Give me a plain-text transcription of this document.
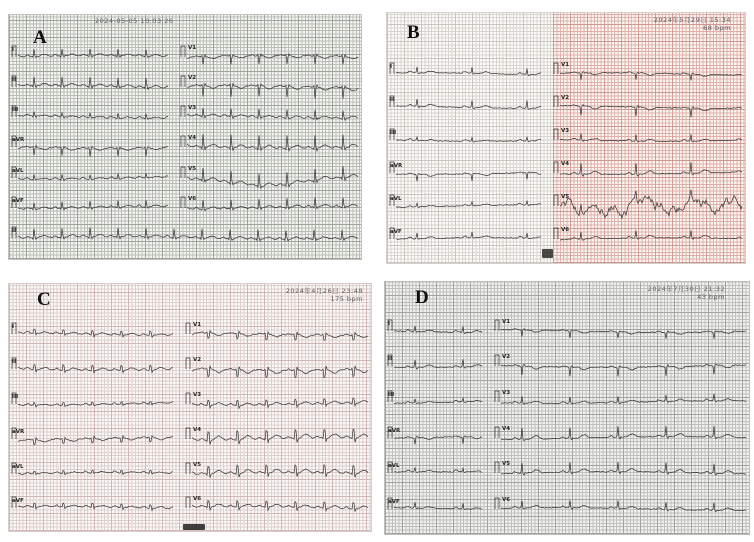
2024-05-05 10:03:26
A
I	V1
II	V2
III	V3
aVR	V4
aVL	V5
aVF	V6
II
2024年5月29日 15:34
68 bpm
B
I	V1
II	V2
III	V3
aVR	V4
aVL	V5
aVF	V6
2024年4月26日 23:48
175 bpm
C
I	V1
II	V2
III	V3
aVR	V4
aVL	V5
aVF	V6
2024年7月30日 21:32
43 bpm
D
I	V1
II	V2
III	V3
aVR	V4
aVL	V5
aVF	V6
